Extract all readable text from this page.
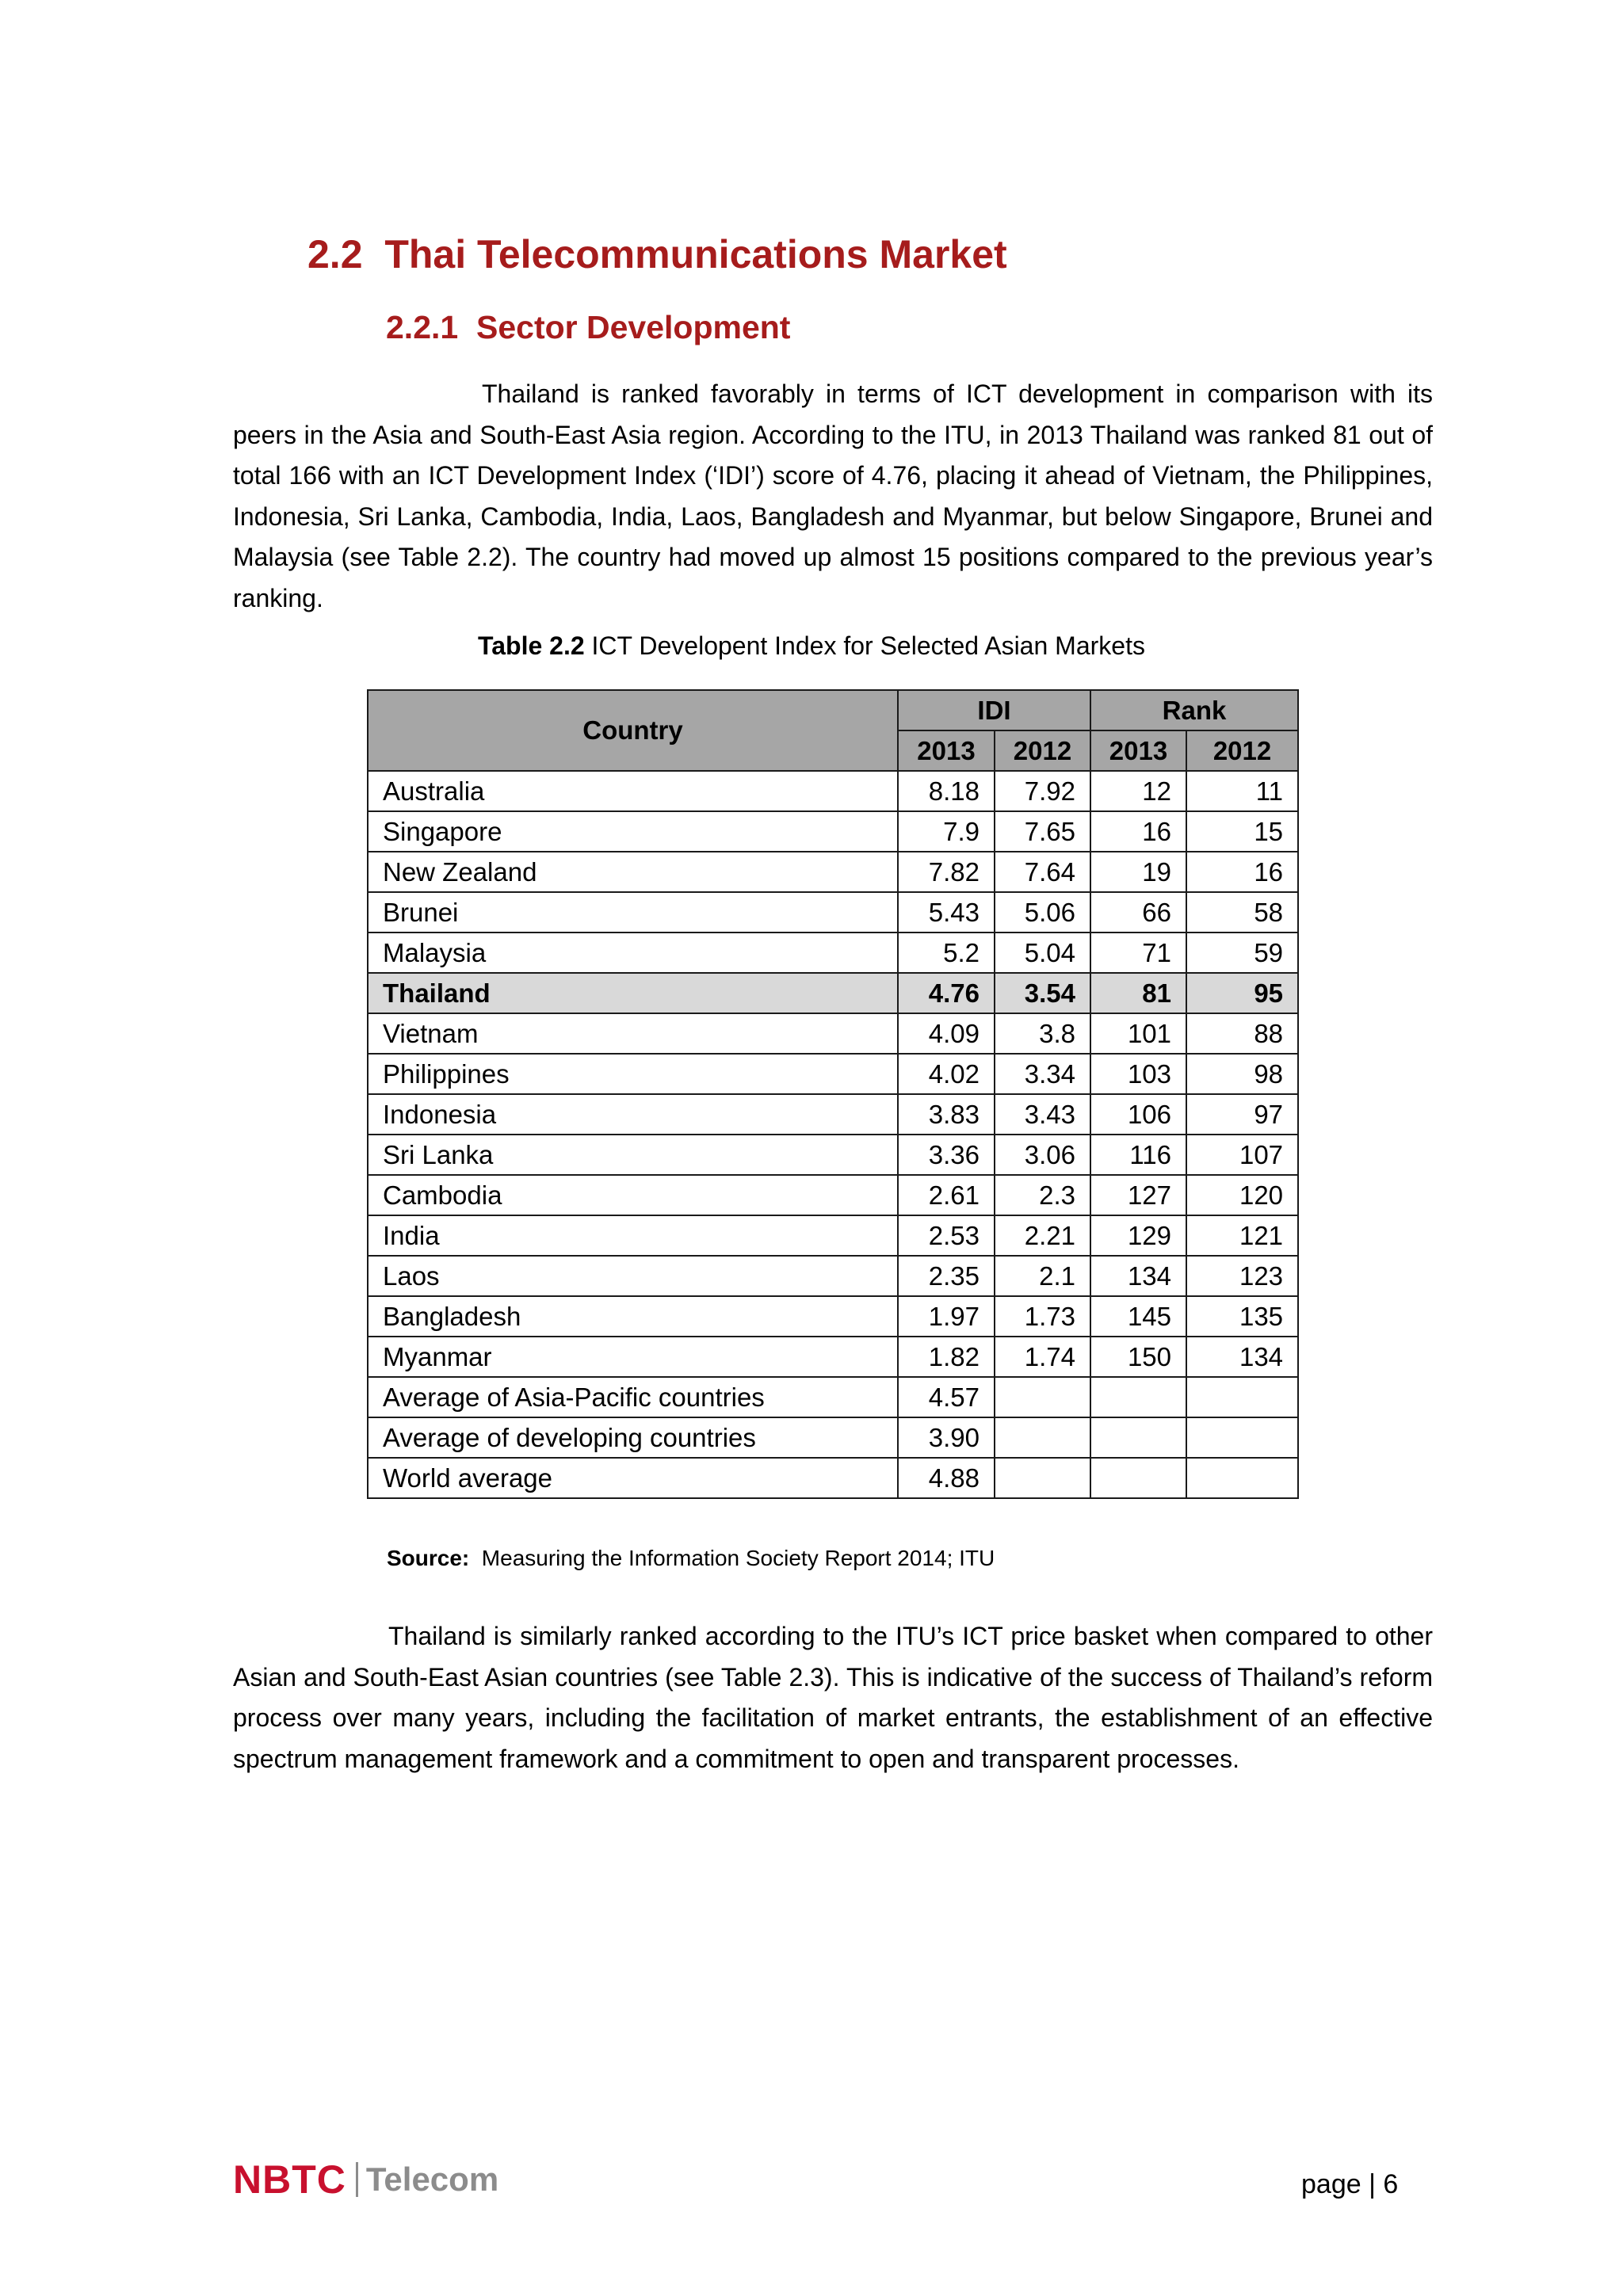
2.2 Thai Telecommunications Market
2.2.1 Sector Development

Thailand is ranked favorably in terms of ICT development in comparison with its peers in the Asia and South-East Asia region. According to the ITU, in 2013 Thailand was ranked 81 out of total 166 with an ICT Development Index (‘IDI’) score of 4.76, placing it ahead of Vietnam, the Philippines, Indonesia, Sri Lanka, Cambodia, India, Laos, Bangladesh and Myanmar, but below Singapore, Brunei and Malaysia (see Table 2.2). The country had moved up almost 15 positions compared to the previous year’s ranking.

Table 2.2 ICT Developent Index for Selected Asian Markets
Country	IDI		Rank	
	2013	2012	2013	2012
Australia	8.18	7.92	12	11
Singapore	7.9	7.65	16	15
New Zealand	7.82	7.64	19	16
Brunei	5.43	5.06	66	58
Malaysia	5.2	5.04	71	59
Thailand	4.76	3.54	81	95
Vietnam	4.09	3.8	101	88
Philippines	4.02	3.34	103	98
Indonesia	3.83	3.43	106	97
Sri Lanka	3.36	3.06	116	107
Cambodia	2.61	2.3	127	120
India	2.53	2.21	129	121
Laos	2.35	2.1	134	123
Bangladesh	1.97	1.73	145	135
Myanmar	1.82	1.74	150	134
Average of Asia-Pacific countries	4.57			
Average of developing countries	3.90			
World average	4.88			
Source:  Measuring the Information Society Report 2014; ITU

Thailand is similarly ranked according to the ITU’s ICT price basket when compared to other Asian and South-East Asian countries (see Table 2.3). This is indicative of the success of Thailand’s reform process over many years, including the facilitation of market entrants, the establishment of an effective spectrum management framework and a commitment to open and transparent processes.

NBTC Telecom	page | 6
